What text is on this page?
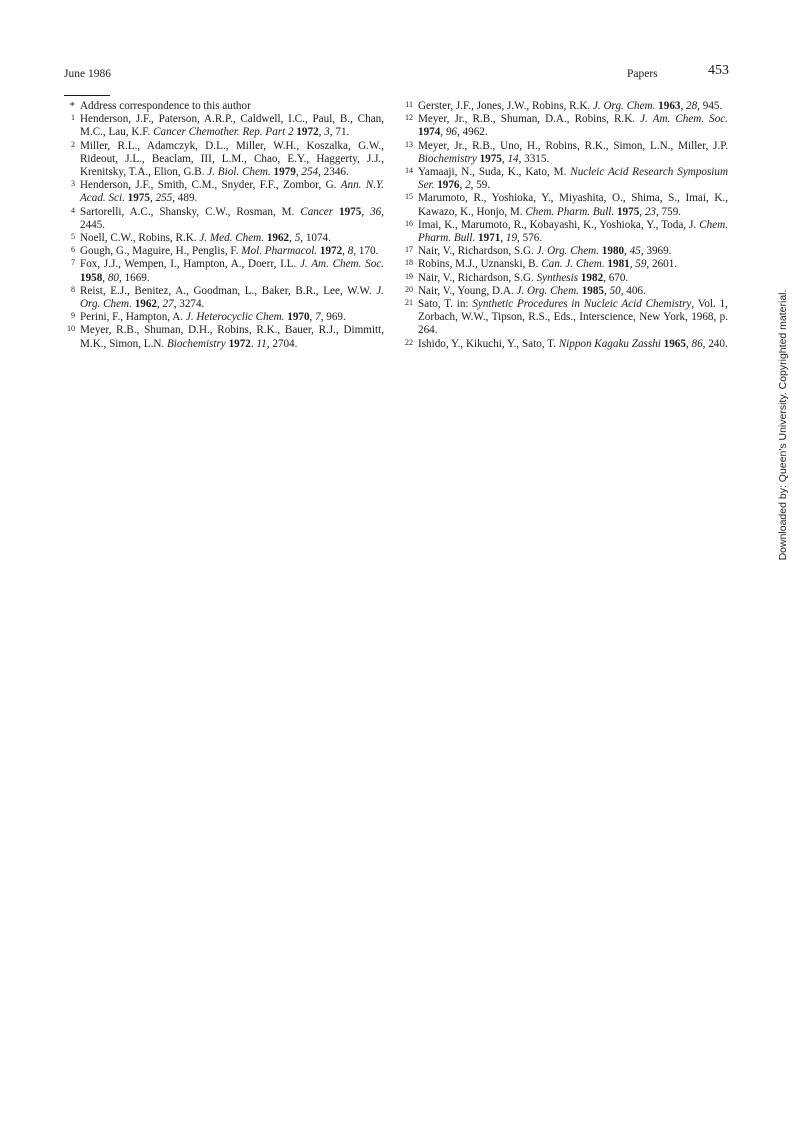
June 1986	Papers	453

* Address correspondence to this author

1 Henderson, J.F., Paterson, A.R.P., Caldwell, I.C., Paul, B., Chan, M.C., Lau, K.F. Cancer Chemother. Rep. Part 2 1972, 3, 71.

2 Miller, R.L., Adamczyk, D.L., Miller, W.H., Koszalka, G.W., Rideout, J.L., Beaclam, III, L.M., Chao, E.Y., Haggerty, J.J., Krenitsky, T.A., Elion, G.B. J. Biol. Chem. 1979, 254, 2346.

3 Henderson, J.F., Smith, C.M., Snyder, F.F., Zombor, G. Ann. N.Y. Acad. Sci. 1975, 255, 489.

4 Sartorelli, A.C., Shansky, C.W., Rosman, M. Cancer 1975, 36, 2445.

5 Noell, C.W., Robins, R.K. J. Med. Chem. 1962, 5, 1074.

6 Gough, G., Maguire, H., Penglis, F. Mol. Pharmacol. 1972, 8, 170.

7 Fox, J.J., Wempen, I., Hampton, A., Doerr, I.L. J. Am. Chem. Soc. 1958, 80, 1669.

8 Reist, E.J., Benitez, A., Goodman, L., Baker, B.R., Lee, W.W. J. Org. Chem. 1962, 27, 3274.

9 Perini, F., Hampton, A. J. Heterocyclic Chem. 1970, 7, 969.

10 Meyer, R.B., Shuman, D.H., Robins, R.K., Bauer, R.J., Dimmitt, M.K., Simon, L.N. Biochemistry 1972. 11, 2704.

11 Gerster, J.F., Jones, J.W., Robins, R.K. J. Org. Chem. 1963, 28, 945.

12 Meyer, Jr., R.B., Shuman, D.A., Robins, R.K. J. Am. Chem. Soc. 1974, 96, 4962.

13 Meyer, Jr., R.B., Uno, H., Robins, R.K., Simon, L.N., Miller, J.P. Biochemistry 1975, 14, 3315.

14 Yamaaji, N., Suda, K., Kato, M. Nucleic Acid Research Symposium Ser. 1976, 2, 59.

15 Marumoto, R., Yoshioka, Y., Miyashita, O., Shima, S., Imai, K., Kawazo, K., Honjo, M. Chem. Pharm. Bull. 1975, 23, 759.

16 Imai, K., Marumoto, R., Kobayashi, K., Yoshioka, Y., Toda, J. Chem. Pharm. Bull. 1971, 19, 576.

17 Nair, V., Richardson, S.G. J. Org. Chem. 1980, 45, 3969.

18 Robins, M.J., Uznanski, B. Can. J. Chem. 1981, 59, 2601.

19 Nair, V., Richardson, S.G. Synthesis 1982, 670.

20 Nair, V., Young, D.A. J. Org. Chem. 1985, 50, 406.

21 Sato, T. in: Synthetic Procedures in Nucleic Acid Chemistry, Vol. 1, Zorbach, W.W., Tipson, R.S., Eds., Interscience, New York, 1968, p. 264.

22 Ishido, Y., Kikuchi, Y., Sato, T. Nippon Kagaku Zasshi 1965, 86, 240.	Downloaded by: Queen's University. Copyrighted material.
